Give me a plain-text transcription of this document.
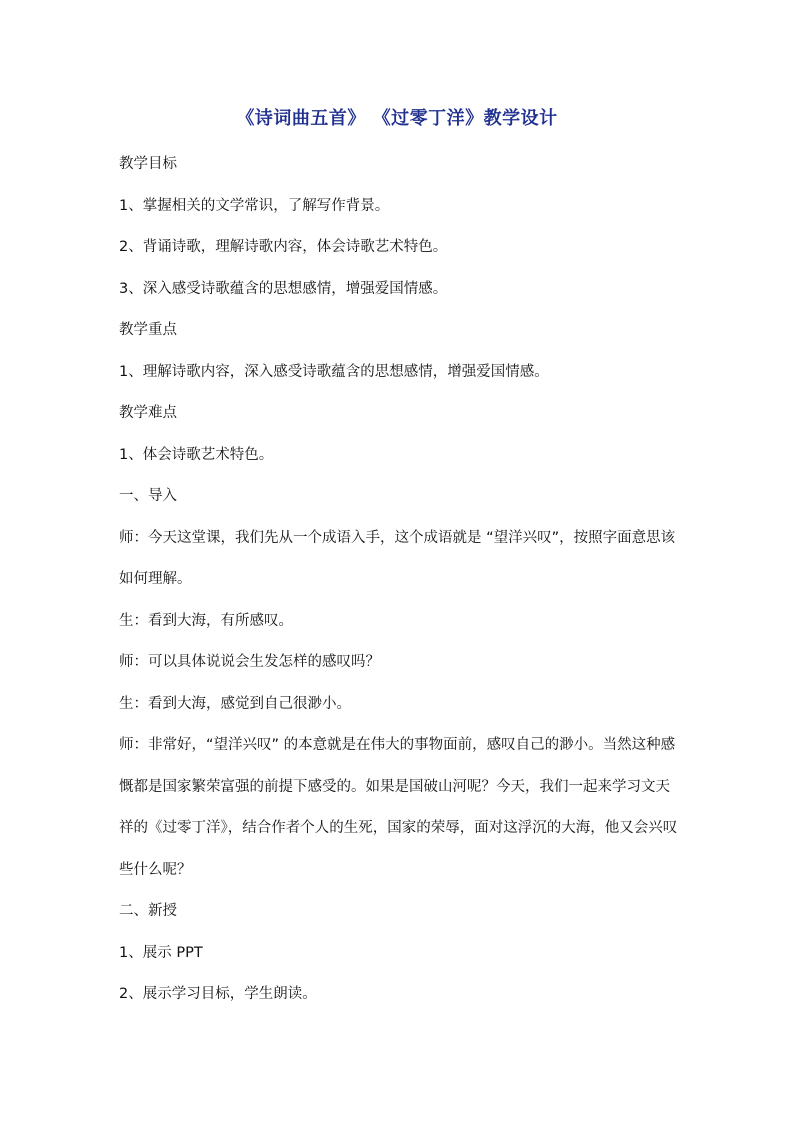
《诗词曲五首》 《过零丁洋》教学设计

教学目标

1、掌握相关的文学常识，了解写作背景。

2、背诵诗歌，理解诗歌内容，体会诗歌艺术特色。

3、深入感受诗歌蕴含的思想感情，增强爱国情感。

教学重点

1、理解诗歌内容，深入感受诗歌蕴含的思想感情，增强爱国情感。

教学难点

1、体会诗歌艺术特色。

一、导入

师：今天这堂课，我们先从一个成语入手，这个成语就是 “望洋兴叹”，按照字面意思该如何理解。

生：看到大海，有所感叹。

师：可以具体说说会生发怎样的感叹吗？

生：看到大海，感觉到自己很渺小。

师：非常好，“望洋兴叹” 的本意就是在伟大的事物面前，感叹自己的渺小。当然这种感慨都是国家繁荣富强的前提下感受的。如果是国破山河呢？今天，我们一起来学习文天祥的《过零丁洋》，结合作者个人的生死，国家的荣辱，面对这浮沉的大海，他又会兴叹些什么呢？

二、新授

1、展示 PPT

2、展示学习目标，学生朗读。
